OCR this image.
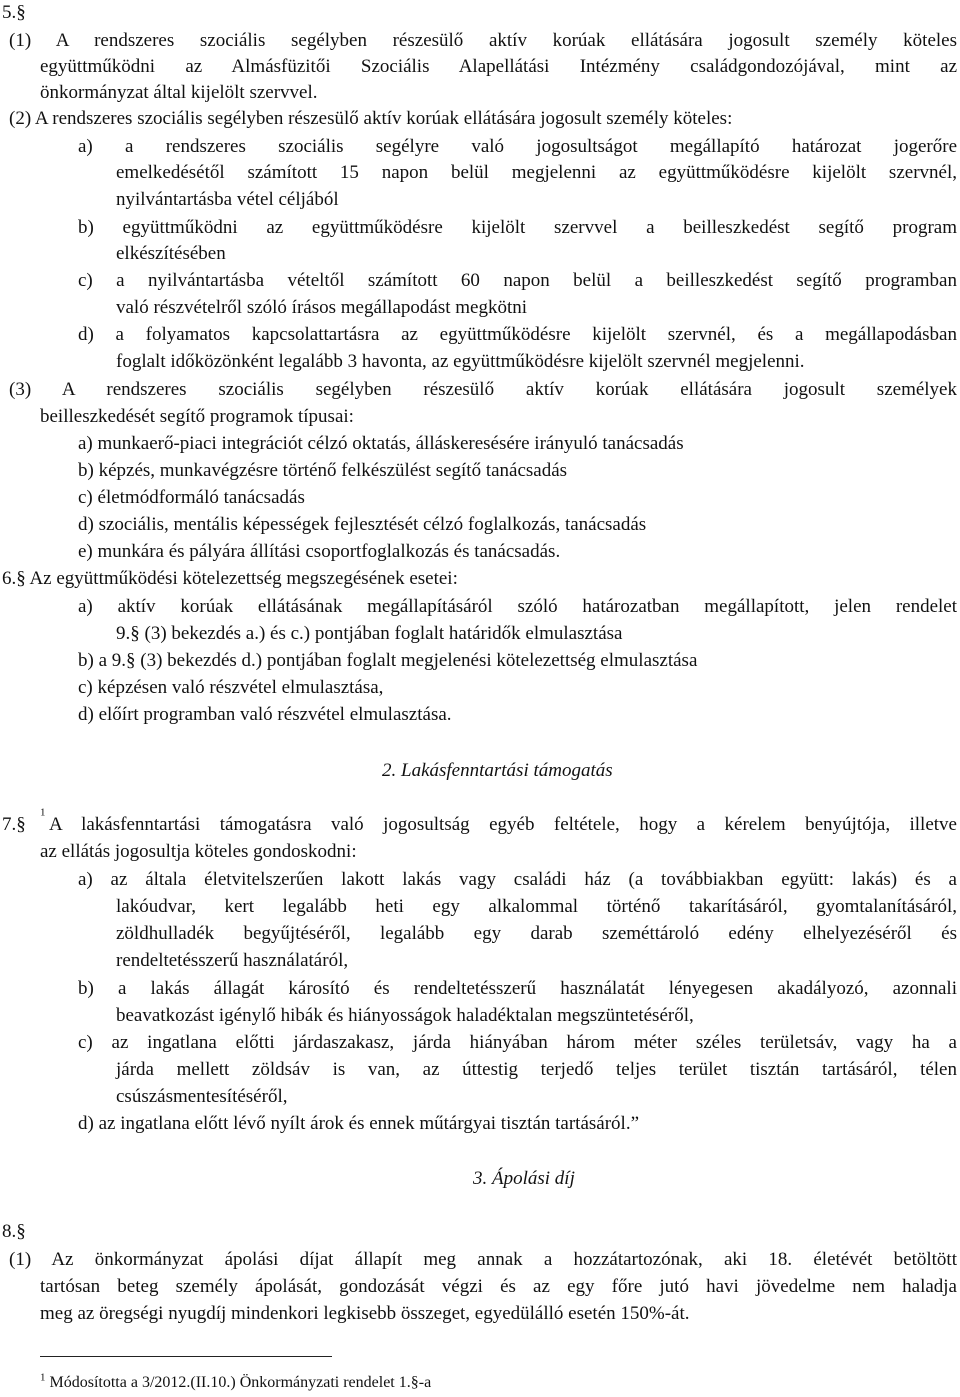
5.§
(1) A rendszeres szociális segélyben részesülő aktív korúak ellátására jogosult személy köteles
együttműködni az Almásfüzitői Szociális Alapellátási Intézmény családgondozójával, mint az
önkormányzat által kijelölt szervvel.
(2) A rendszeres szociális segélyben részesülő aktív korúak ellátására jogosult személy köteles:
a) a rendszeres szociális segélyre való jogosultságot megállapító határozat jogerőre
emelkedésétől számított 15 napon belül megjelenni az együttműködésre kijelölt szervnél,
nyilvántartásba vétel céljából
b) együttműködni az együttműködésre kijelölt szervvel a beilleszkedést segítő program
elkészítésében
c) a nyilvántartásba vételtől számított 60 napon belül a beilleszkedést segítő programban
való részvételről szóló írásos megállapodást megkötni
d) a folyamatos kapcsolattartásra az együttműködésre kijelölt szervnél, és a megállapodásban
foglalt időközönként legalább 3 havonta, az együttműködésre kijelölt szervnél megjelenni.
(3) A rendszeres szociális segélyben részesülő aktív korúak ellátására jogosult személyek
beilleszkedését segítő programok típusai:
a) munkaerő-piaci integrációt célzó oktatás, álláskeresésére irányuló tanácsadás
b) képzés, munkavégzésre történő felkészülést segítő tanácsadás
c) életmódformáló tanácsadás
d) szociális, mentális képességek fejlesztését célzó foglalkozás, tanácsadás
e) munkára és pályára állítási csoportfoglalkozás és tanácsadás.
6.§ Az együttműködési kötelezettség megszegésének esetei:
a) aktív korúak ellátásának megállapításáról szóló határozatban megállapított, jelen rendelet
9.§ (3) bekezdés a.) és c.) pontjában foglalt határidők elmulasztása
b) a 9.§ (3) bekezdés d.) pontjában foglalt megjelenési kötelezettség elmulasztása
c) képzésen való részvétel elmulasztása,
d) előírt programban való részvétel elmulasztása.
2. Lakásfenntartási támogatás
7.§
$^1$
A lakásfenntartási támogatásra való jogosultság egyéb feltétele, hogy a kérelem benyújtója, illetve
az ellátás jogosultja köteles gondoskodni:
a) az általa életvitelszerűen lakott lakás vagy családi ház (a továbbiakban együtt: lakás) és a
lakóudvar, kert legalább heti egy alkalommal történő takarításáról, gyomtalanításáról,
zöldhulladék begyűjtéséről, legalább egy darab szeméttároló edény elhelyezéséről és
rendeltetésszerű használatáról,
b) a lakás állagát károsító és rendeltetésszerű használatát lényegesen akadályozó, azonnali
beavatkozást igénylő hibák és hiányosságok haladéktalan megszüntetéséről,
c) az ingatlana előtti járdaszakasz, járda hiányában három méter széles területsáv, vagy ha a
járda mellett zöldsáv is van, az úttestig terjedő teljes terület tisztán tartásáról, télen
csúszásmentesítéséről,
d) az ingatlana előtt lévő nyílt árok és ennek műtárgyai tisztán tartásáról.”
3. Ápolási díj
8.§
(1) Az önkormányzat ápolási díjat állapít meg annak a hozzátartozónak, aki 18. életévét betöltött
tartósan beteg személy ápolását, gondozását végzi és az egy főre jutó havi jövedelme nem haladja
meg az öregségi nyugdíj mindenkori legkisebb összeget, egyedülálló esetén 150%-át.
$^1$ Módosította a 3/2012.(II.10.) Önkormányzati rendelet 1.§-a
